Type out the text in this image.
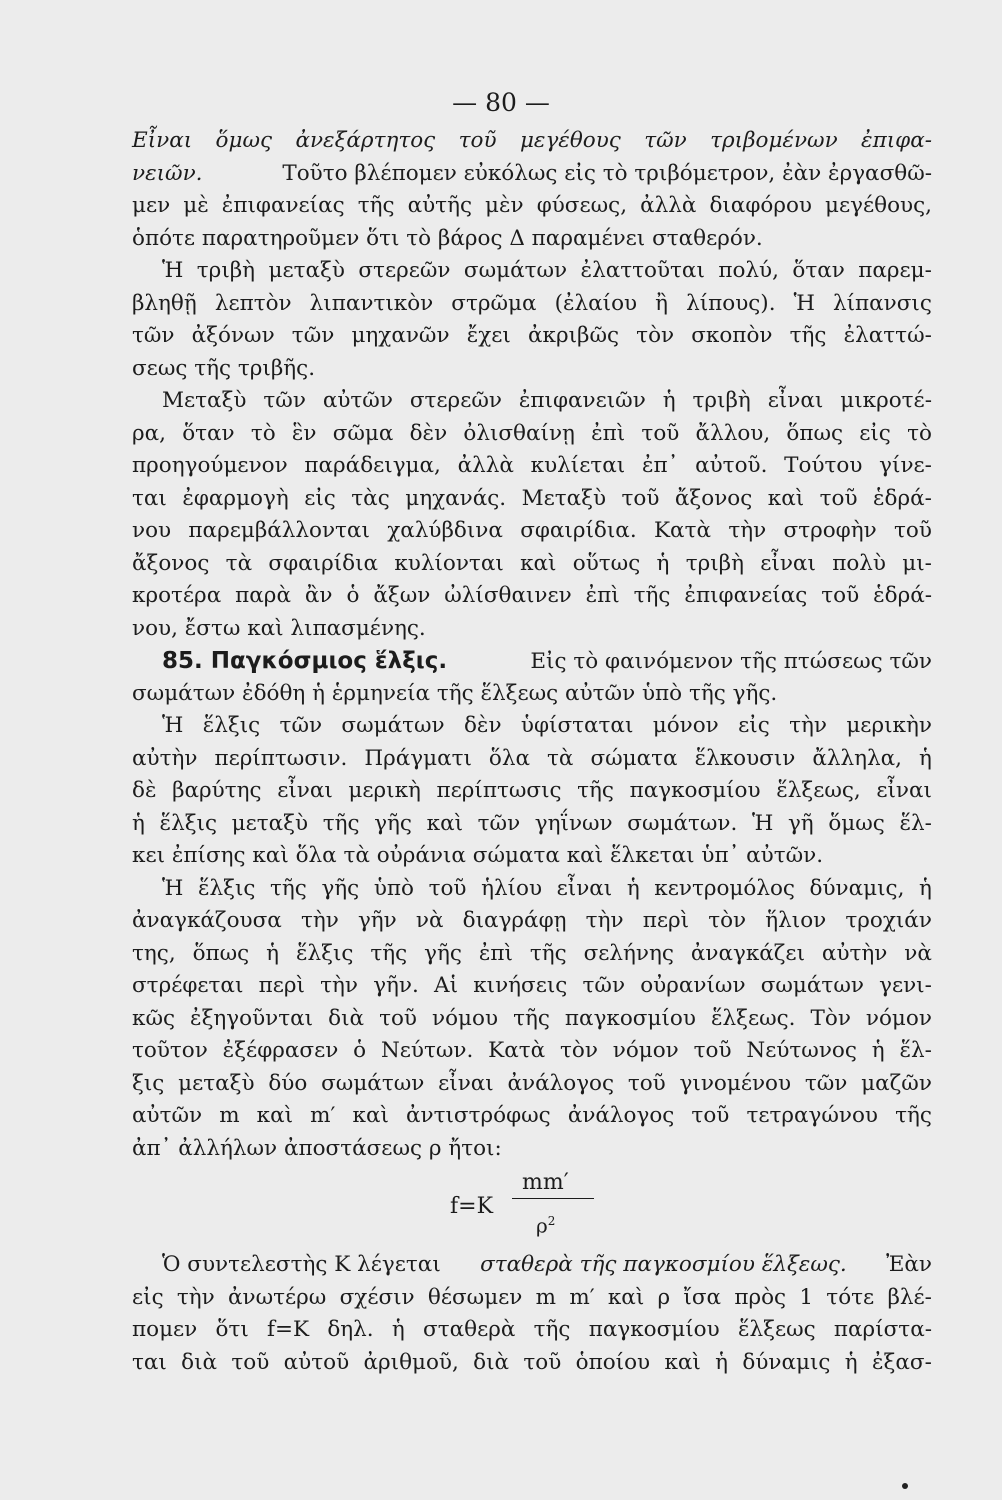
— 80 —
Εἶναι ὅμως ἀνεξάρτητος τοῦ μεγέθους τῶν τριβομένων ἐπιφα-
νειῶν.	Τοῦτο βλέπομεν εὐκόλως εἰς τὸ τριβόμετρον, ἐὰν ἐργασθῶ-
μεν μὲ ἐπιφανείας τῆς αὐτῆς μὲν φύσεως, ἀλλὰ διαφόρου μεγέθους,
ὁπότε παρατηροῦμεν ὅτι τὸ βάρος Δ παραμένει σταθερόν.
Ἡ τριβὴ μεταξὺ στερεῶν σωμάτων ἐλαττοῦται πολύ, ὅταν παρεμ-
βληθῇ λεπτὸν λιπαντικὸν στρῶμα (ἐλαίου ἢ λίπους). Ἡ λίπανσις
τῶν ἀξόνων τῶν μηχανῶν ἔχει ἀκριβῶς τὸν σκοπὸν τῆς ἐλαττώ-
σεως τῆς τριβῆς.
Μεταξὺ τῶν αὐτῶν στερεῶν ἐπιφανειῶν ἡ τριβὴ εἶναι μικροτέ-
ρα, ὅταν τὸ ἓν σῶμα δὲν ὀλισθαίνῃ ἐπὶ τοῦ ἄλλου, ὅπως εἰς τὸ
προηγούμενον παράδειγμα, ἀλλὰ κυλίεται ἐπ᾽ αὐτοῦ. Τούτου γίνε-
ται ἐφαρμογὴ εἰς τὰς μηχανάς. Μεταξὺ τοῦ ἄξονος καὶ τοῦ ἑδρά-
νου παρεμβάλλονται χαλύβδινα σφαιρίδια. Κατὰ τὴν στροφὴν τοῦ
ἄξονος τὰ σφαιρίδια κυλίονται καὶ οὕτως ἡ τριβὴ εἶναι πολὺ μι-
κροτέρα παρὰ ἂν ὁ ἄξων ὠλίσθαινεν ἐπὶ τῆς ἐπιφανείας τοῦ ἑδρά-
νου, ἔστω καὶ λιπασμένης.
85. Παγκόσμιος ἕλξις.	Εἰς τὸ φαινόμενον τῆς πτώσεως τῶν
σωμάτων ἐδόθη ἡ ἑρμηνεία τῆς ἕλξεως αὐτῶν ὑπὸ τῆς γῆς.
Ἡ ἕλξις τῶν σωμάτων δὲν ὑφίσταται μόνον εἰς τὴν μερικὴν
αὐτὴν περίπτωσιν. Πράγματι ὅλα τὰ σώματα ἕλκουσιν ἄλληλα, ἡ
δὲ βαρύτης εἶναι μερικὴ περίπτωσις τῆς παγκοσμίου ἕλξεως, εἶναι
ἡ ἕλξις μεταξὺ τῆς γῆς καὶ τῶν γηΐνων σωμάτων. Ἡ γῆ ὅμως ἕλ-
κει ἐπίσης καὶ ὅλα τὰ οὐράνια σώματα καὶ ἕλκεται ὑπ᾽ αὐτῶν.
Ἡ ἕλξις τῆς γῆς ὑπὸ τοῦ ἡλίου εἶναι ἡ κεντρομόλος δύναμις, ἡ
ἀναγκάζουσα τὴν γῆν νὰ διαγράφῃ τὴν περὶ τὸν ἥλιον τροχιάν
της, ὅπως ἡ ἕλξις τῆς γῆς ἐπὶ τῆς σελήνης ἀναγκάζει αὐτὴν νὰ
στρέφεται περὶ τὴν γῆν. Αἱ κινήσεις τῶν οὐρανίων σωμάτων γενι-
κῶς ἐξηγοῦνται διὰ τοῦ νόμου τῆς παγκοσμίου ἕλξεως. Τὸν νόμον
τοῦτον ἐξέφρασεν ὁ Νεύτων. Κατὰ τὸν νόμον τοῦ Νεύτωνος ἡ ἕλ-
ξις μεταξὺ δύο σωμάτων εἶναι ἀνάλογος τοῦ γινομένου τῶν μαζῶν
αὐτῶν m καὶ m′ καὶ ἀντιστρόφως ἀνάλογος τοῦ τετραγώνου τῆς
ἀπ᾽ ἀλλήλων ἀποστάσεως ρ ἤτοι:
f=K
mm′
$\rho^2$
Ὁ συντελεστὴς Κ λέγεται σταθερὰ τῆς παγκοσμίου ἕλξεως. Ἐὰν
εἰς τὴν ἀνωτέρω σχέσιν θέσωμεν m m′ καὶ ρ ἴσα πρὸς 1 τότε βλέ-
πομεν ὅτι f=Κ δηλ. ἡ σταθερὰ τῆς παγκοσμίου ἕλξεως παρίστα-
ται διὰ τοῦ αὐτοῦ ἀριθμοῦ, διὰ τοῦ ὁποίου καὶ ἡ δύναμις ἡ ἐξασ-
